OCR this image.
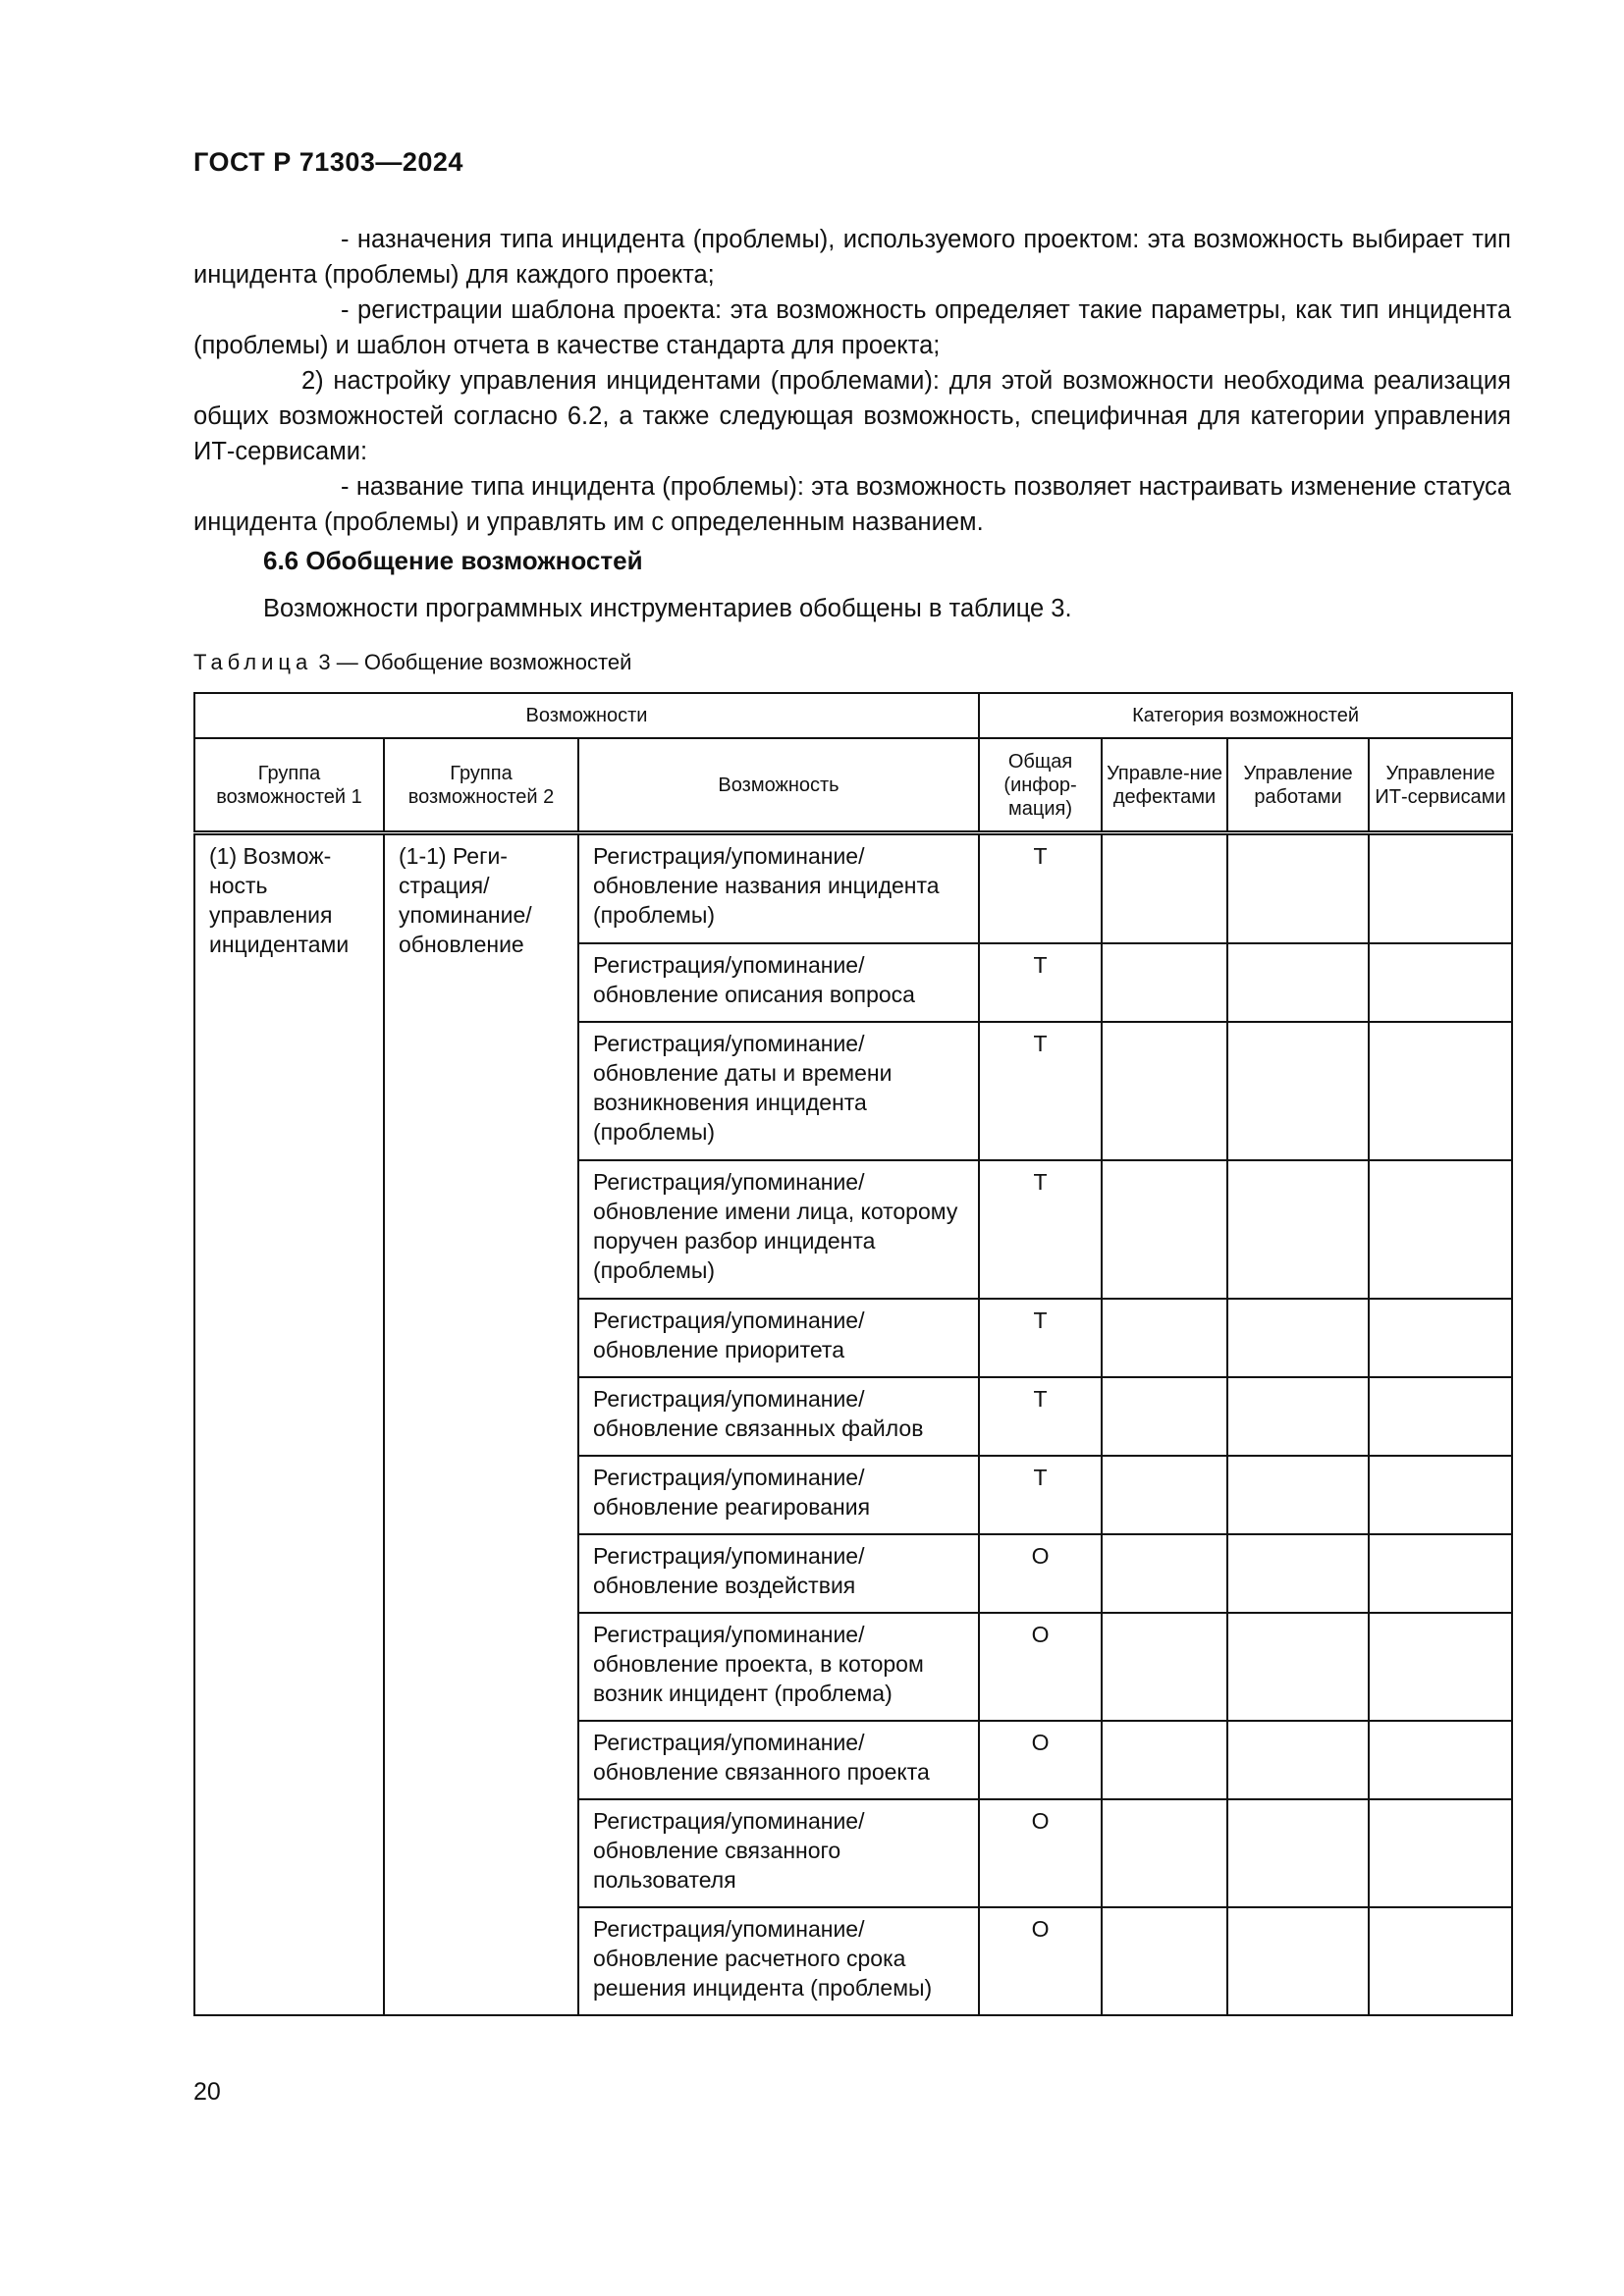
ГОСТ Р 71303—2024

- назначения типа инцидента (проблемы), используемого проектом: эта возможность выбирает тип инцидента (проблемы) для каждого проекта;

- регистрации шаблона проекта: эта возможность определяет такие параметры, как тип инцидента (проблемы) и шаблон отчета в качестве стандарта для проекта;

2) настройку управления инцидентами (проблемами): для этой возможности необходима реализация общих возможностей согласно 6.2, а также следующая возможность, специфичная для категории управления ИТ-сервисами:

- название типа инцидента (проблемы): эта возможность позволяет настраивать изменение статуса инцидента (проблемы) и управлять им с определенным названием.

6.6 Обобщение возможностей
Возможности программных инструментариев обобщены в таблице 3.
Таблица 3 — Обобщение возможностей
Возможности			Категория возможностей			
Группа возможностей 1	Группа возможностей 2	Возможность	Общая (инфор-мация)	Управле-ние дефектами	Управление работами	Управление ИТ-сервисами
(1) Возмож-ность управления инцидентами	(1-1) Реги-страция/ упоминание/ обновление	Регистрация/упоминание/ обновление названия инцидента (проблемы)	Т			
		Регистрация/упоминание/ обновление описания вопроса	Т			
		Регистрация/упоминание/ обновление даты и времени возникновения инцидента (проблемы)	Т			
		Регистрация/упоминание/ обновление имени лица, которому поручен разбор инцидента (проблемы)	Т			
		Регистрация/упоминание/ обновление приоритета	Т			
		Регистрация/упоминание/ обновление связанных файлов	Т			
		Регистрация/упоминание/ обновление реагирования	Т			
		Регистрация/упоминание/ обновление воздействия	О			
		Регистрация/упоминание/ обновление проекта, в котором возник инцидент (проблема)	О			
		Регистрация/упоминание/ обновление связанного проекта	О			
		Регистрация/упоминание/ обновление связанного пользователя	О			
		Регистрация/упоминание/ обновление расчетного срока решения инцидента (проблемы)	О			
20
